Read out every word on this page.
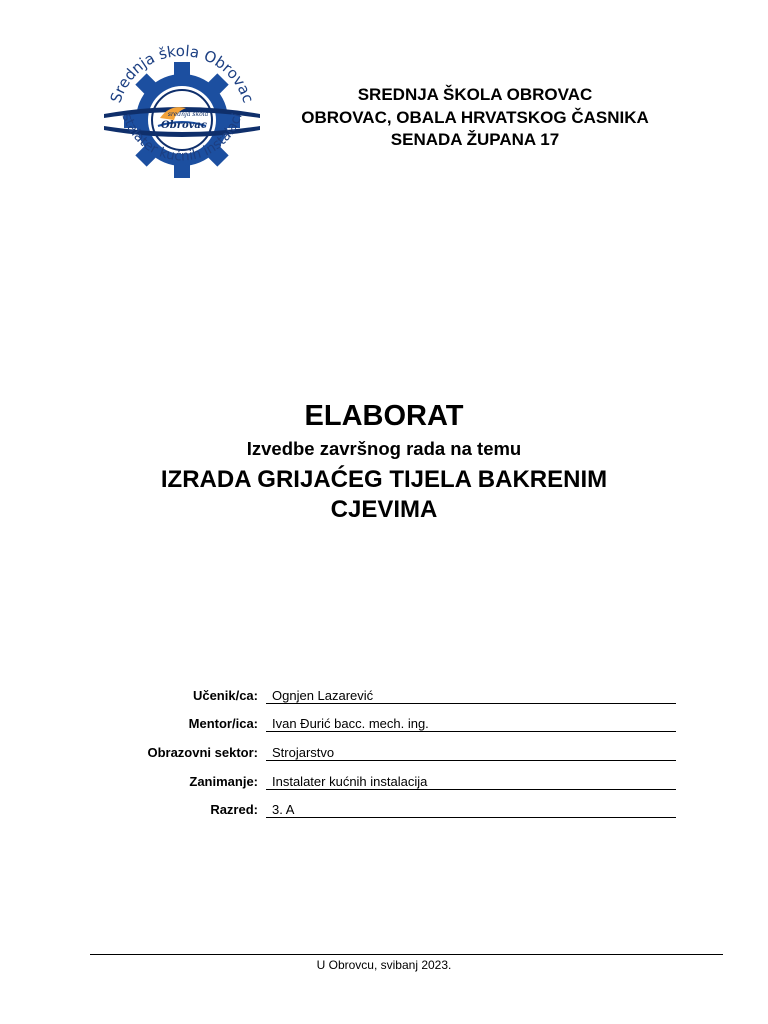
srednja škola
Obrovac
Srednja škola Obrovac
stalater kućnih instalaci
SREDNJA ŠKOLA OBROVAC
OBROVAC, OBALA HRVATSKOG ČASNIKA
SENADA ŽUPANA 17
ELABORAT
Izvedbe završnog rada na temu
IZRADA GRIJAĆEG TIJELA BAKRENIM
CJEVIMA
Učenik/ca:	Ognjen Lazarević
Mentor/ica:	Ivan Đurić bacc. mech. ing.
Obrazovni sektor:	Strojarstvo
Zanimanje:	Instalater kućnih instalacija
Razred:	3. A
U Obrovcu, svibanj 2023.
